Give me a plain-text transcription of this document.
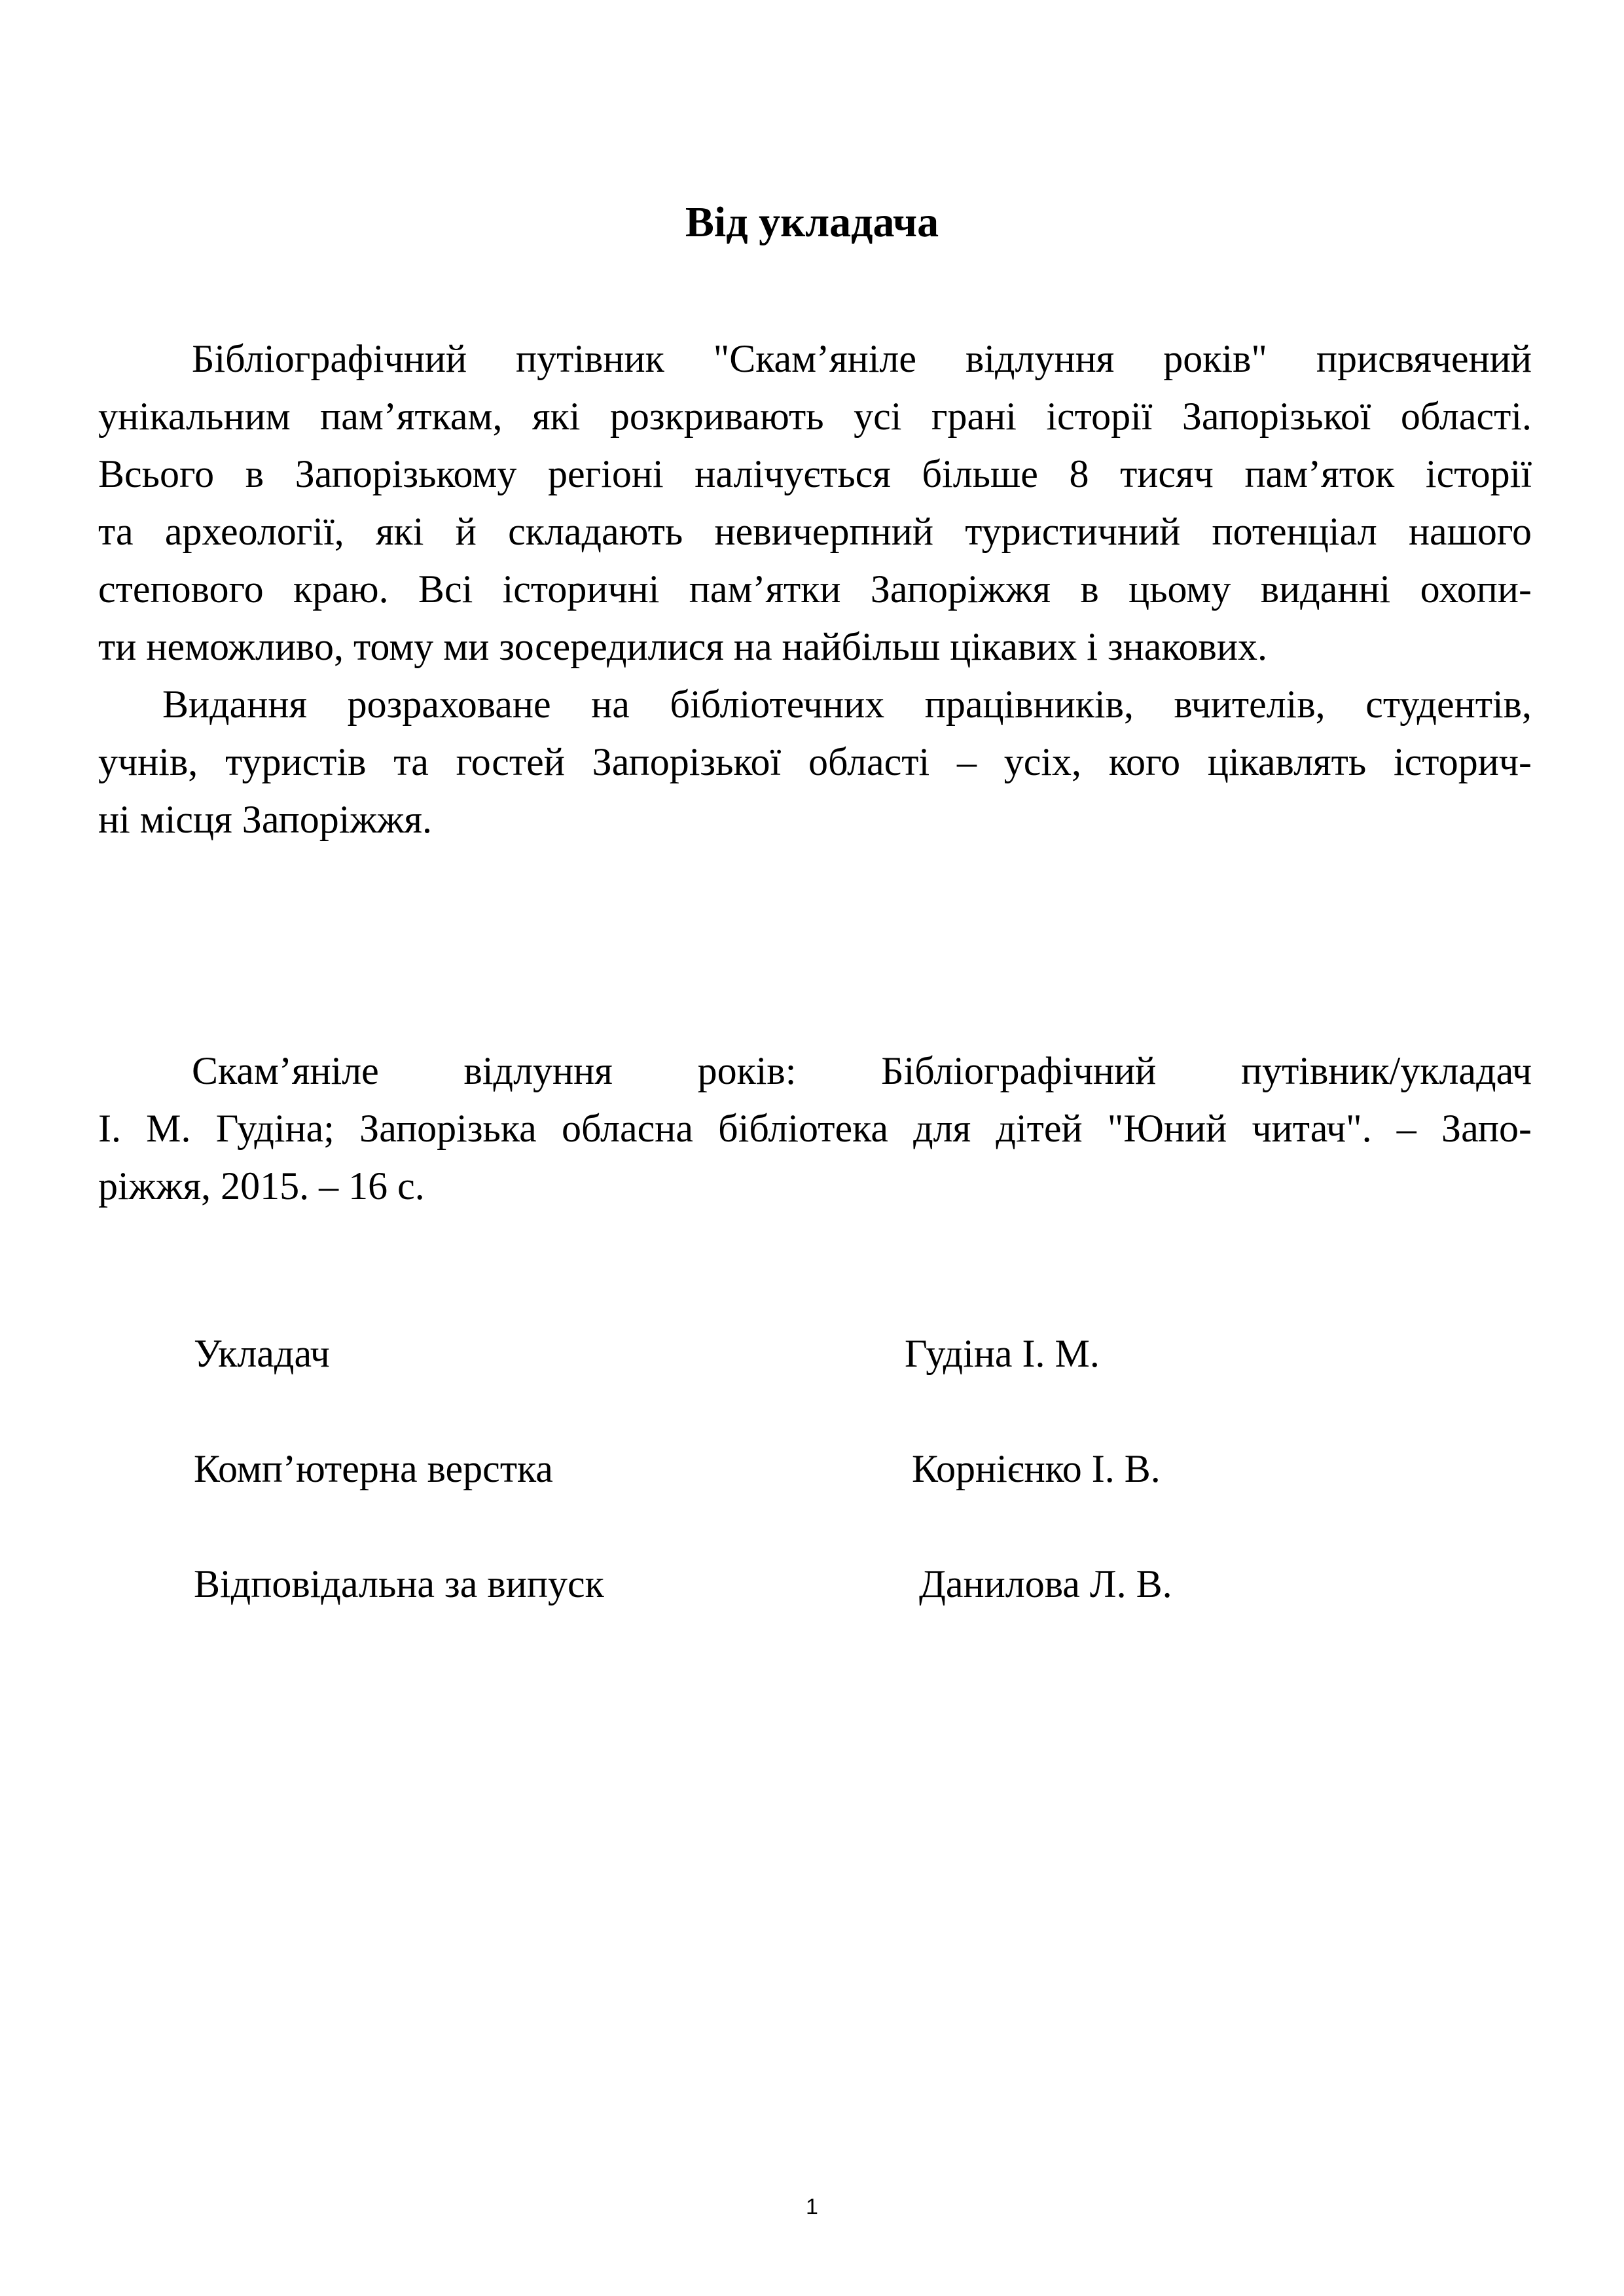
Від укладача
Бібліографічний путівник "Скам’яніле відлуння років" присвячений
унікальним пам’яткам, які розкривають усі грані історії Запорізької області.
Всього в Запорізькому регіоні налічується більше 8 тисяч пам’яток історії
та археології, які й складають невичерпний туристичний потенціал нашого
степового краю. Всі історичні пам’ятки Запоріжжя в цьому виданні охопи-
ти неможливо, тому ми зосередилися на найбільш цікавих і знакових.
Видання розраховане на бібліотечних працівників, вчителів, студентів,
учнів, туристів та гостей Запорізької області – усіх, кого цікавлять історич-
ні місця Запоріжжя.
Скам’яніле відлуння років: Бібліографічний путівник/укладач
І. М. Гудіна; Запорізька обласна бібліотека для дітей "Юний читач". – Запо-
ріжжя, 2015. – 16 с.
Укладач	Гудіна І. М.
Комп’ютерна верстка	Корнієнко І. В.
Відповідальна за випуск	Данилова Л. В.
1
